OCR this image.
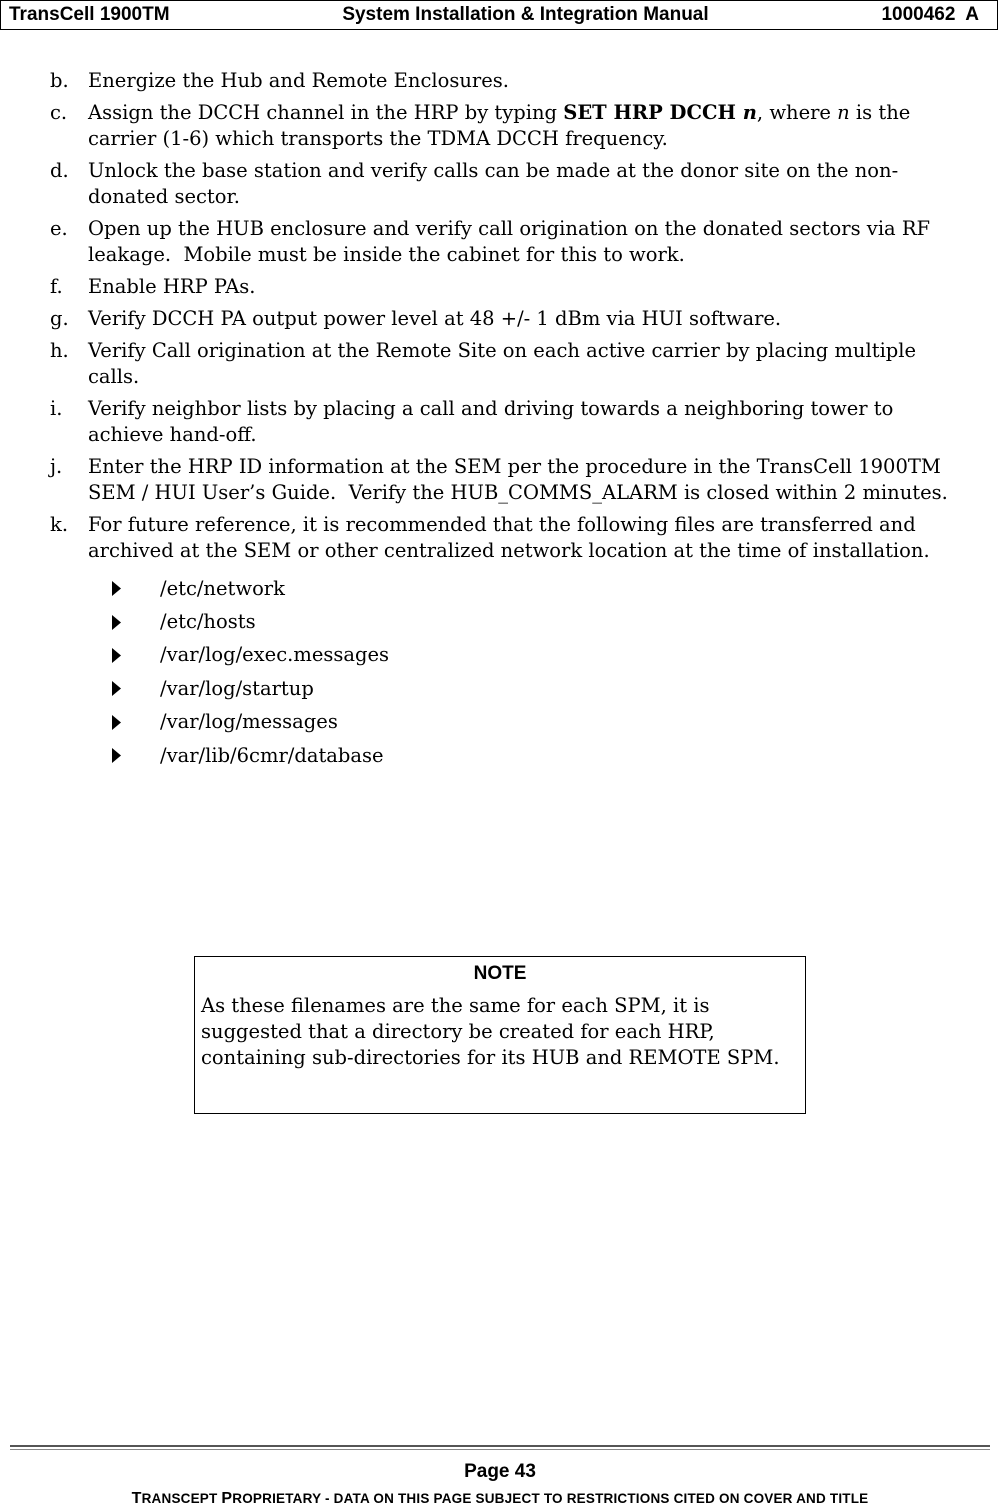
TransCell 1900TM	System Installation & Integration Manual	1000462  A
b. Energize the Hub and Remote Enclosures.
c.	Assign the DCCH channel in the HRP by typing SET HRP DCCH n, where n is the carrier (1-6) which transports the TDMA DCCH frequency.
d. Unlock the base station and verify calls can be made at the donor site on the non-donated sector.
e.	Open up the HUB enclosure and verify call origination on the donated sectors via RF leakage.  Mobile must be inside the cabinet for this to work.
f.	Enable HRP PAs.
g. Verify DCCH PA output power level at 48 +/- 1 dBm via HUI software.
h. Verify Call origination at the Remote Site on each active carrier by placing multiple calls.
i.	Verify neighbor lists by placing a call and driving towards a neighboring tower to achieve hand-off.
j.	Enter the HRP ID information at the SEM per the procedure in the TransCell 1900TM SEM / HUI User’s Guide.  Verify the HUB_COMMS_ALARM is closed within 2 minutes.
k.	For future reference, it is recommended that the following files are transferred and archived at the SEM or other centralized network location at the time of installation.
/etc/network
/etc/hosts
/var/log/exec.messages
/var/log/startup
/var/log/messages
/var/lib/6cmr/database
NOTE
As these filenames are the same for each SPM, it is suggested that a directory be created for each HRP, containing sub-directories for its HUB and REMOTE SPM.
Page 43
TRANSCEPT PROPRIETARY - DATA ON THIS PAGE SUBJECT TO RESTRICTIONS CITED ON COVER AND TITLE
